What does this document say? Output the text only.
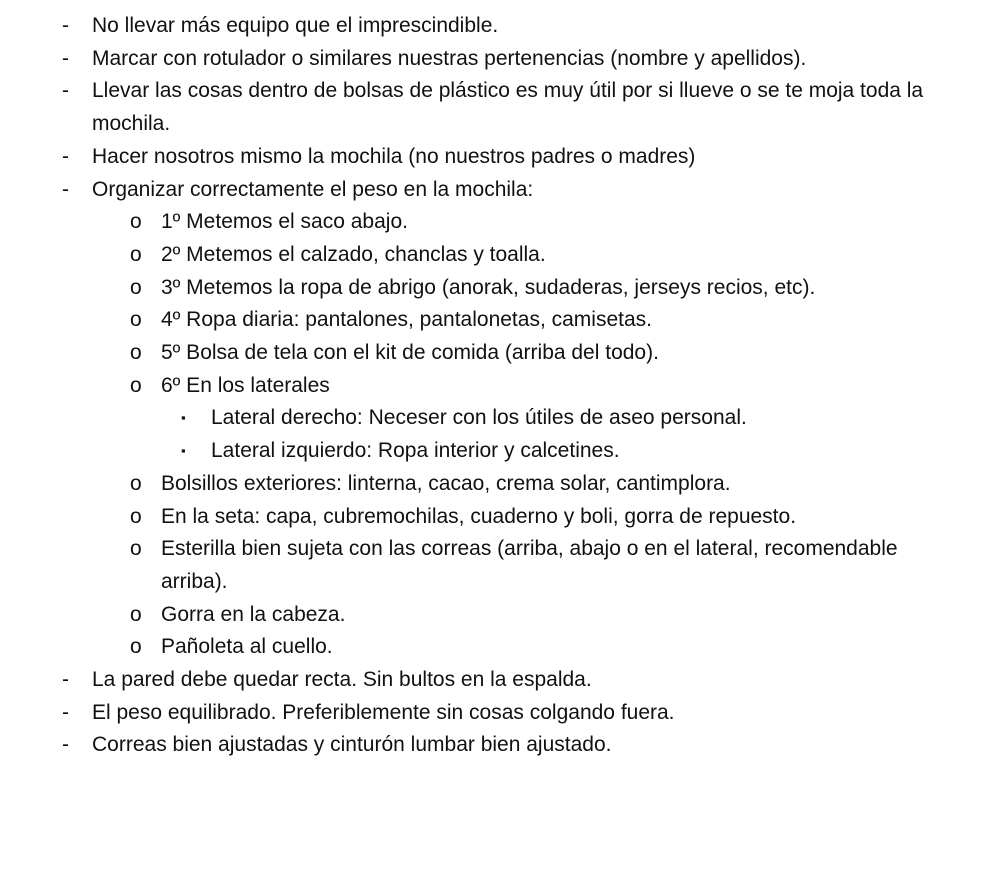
- No llevar más equipo que el imprescindible.
- Marcar con rotulador o similares nuestras pertenencias (nombre y apellidos).
- Llevar las cosas dentro de bolsas de plástico es muy útil por si llueve o se te moja toda la mochila.
- Hacer nosotros mismo la mochila (no nuestros padres o madres)
- Organizar correctamente el peso en la mochila:
o 1º Metemos el saco abajo.
o 2º Metemos el calzado, chanclas y toalla.
o 3º Metemos la ropa de abrigo (anorak, sudaderas, jerseys recios, etc).
o 4º Ropa diaria: pantalones, pantalonetas, camisetas.
o 5º Bolsa de tela con el kit de comida (arriba del todo).
o 6º En los laterales
▪ Lateral derecho: Neceser con los útiles de aseo personal.
▪ Lateral izquierdo: Ropa interior y calcetines.
o Bolsillos exteriores: linterna, cacao, crema solar, cantimplora.
o En la seta: capa, cubremochilas, cuaderno y boli, gorra de repuesto.
o Esterilla bien sujeta con las correas (arriba, abajo o en el lateral, recomendable arriba).
o Gorra en la cabeza.
o Pañoleta al cuello.
- La pared debe quedar recta. Sin bultos en la espalda.
- El peso equilibrado. Preferiblemente sin cosas colgando fuera.
- Correas bien ajustadas y cinturón lumbar bien ajustado.
